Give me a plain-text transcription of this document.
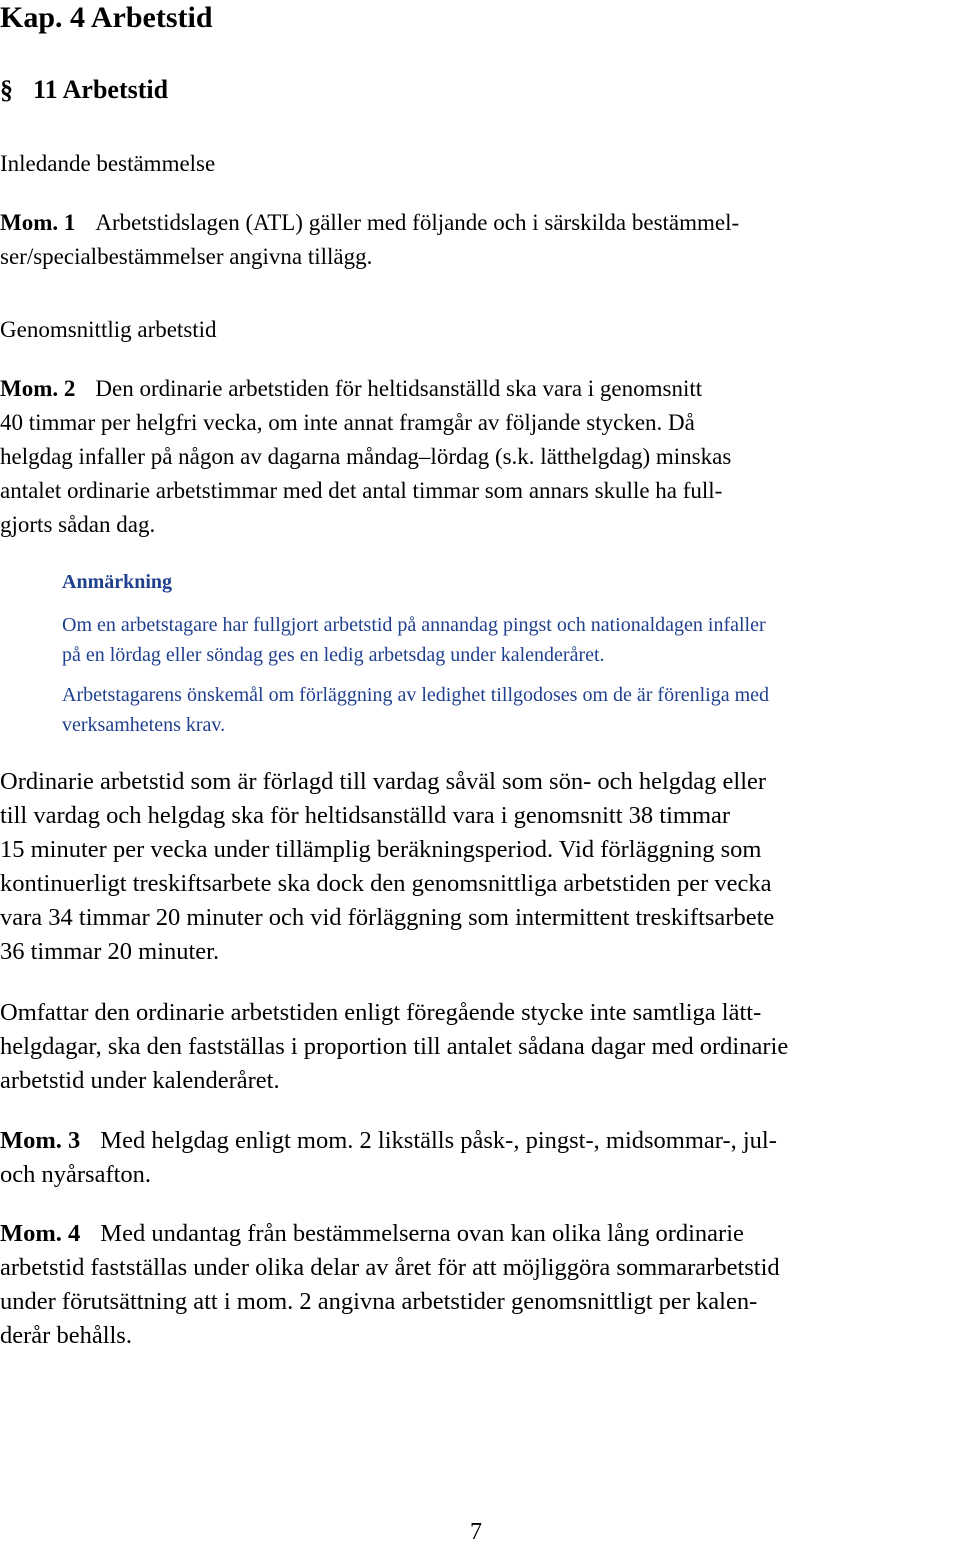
Kap. 4 Arbetstid
§ 11 Arbetstid
Inledande bestämmelse
Mom. 1 Arbetstidslagen (ATL) gäller med följande och i särskilda bestämmel-
ser/specialbestämmelser angivna tillägg.
Genomsnittlig arbetstid
Mom. 2 Den ordinarie arbetstiden för heltidsanställd ska vara i genomsnitt
40 timmar per helgfri vecka, om inte annat framgår av följande stycken. Då
helgdag infaller på någon av dagarna måndag–lördag (s.k. lätthelgdag) minskas
antalet ordinarie arbetstimmar med det antal timmar som annars skulle ha full-
gjorts sådan dag.
Anmärkning
Om en arbetstagare har fullgjort arbetstid på annandag pingst och nationaldagen infaller
på en lördag eller söndag ges en ledig arbetsdag under kalenderåret.
Arbetstagarens önskemål om förläggning av ledighet tillgodoses om de är förenliga med
verksamhetens krav.
Ordinarie arbetstid som är förlagd till vardag såväl som sön- och helgdag eller
till vardag och helgdag ska för heltidsanställd vara i genomsnitt 38 timmar
15 minuter per vecka under tillämplig beräkningsperiod. Vid förläggning som
kontinuerligt treskiftsarbete ska dock den genomsnittliga arbetstiden per vecka
vara 34 timmar 20 minuter och vid förläggning som intermittent treskiftsarbete
36 timmar 20 minuter.
Omfattar den ordinarie arbetstiden enligt föregående stycke inte samtliga lätt-
helgdagar, ska den fastställas i proportion till antalet sådana dagar med ordinarie
arbetstid under kalenderåret.
Mom. 3 Med helgdag enligt mom. 2 likställs påsk-, pingst-, midsommar-, jul-
och nyårsafton.
Mom. 4 Med undantag från bestämmelserna ovan kan olika lång ordinarie
arbetstid fastställas under olika delar av året för att möjliggöra sommararbetstid
under förutsättning att i mom. 2 angivna arbetstider genomsnittligt per kalen-
derår behålls.
7
